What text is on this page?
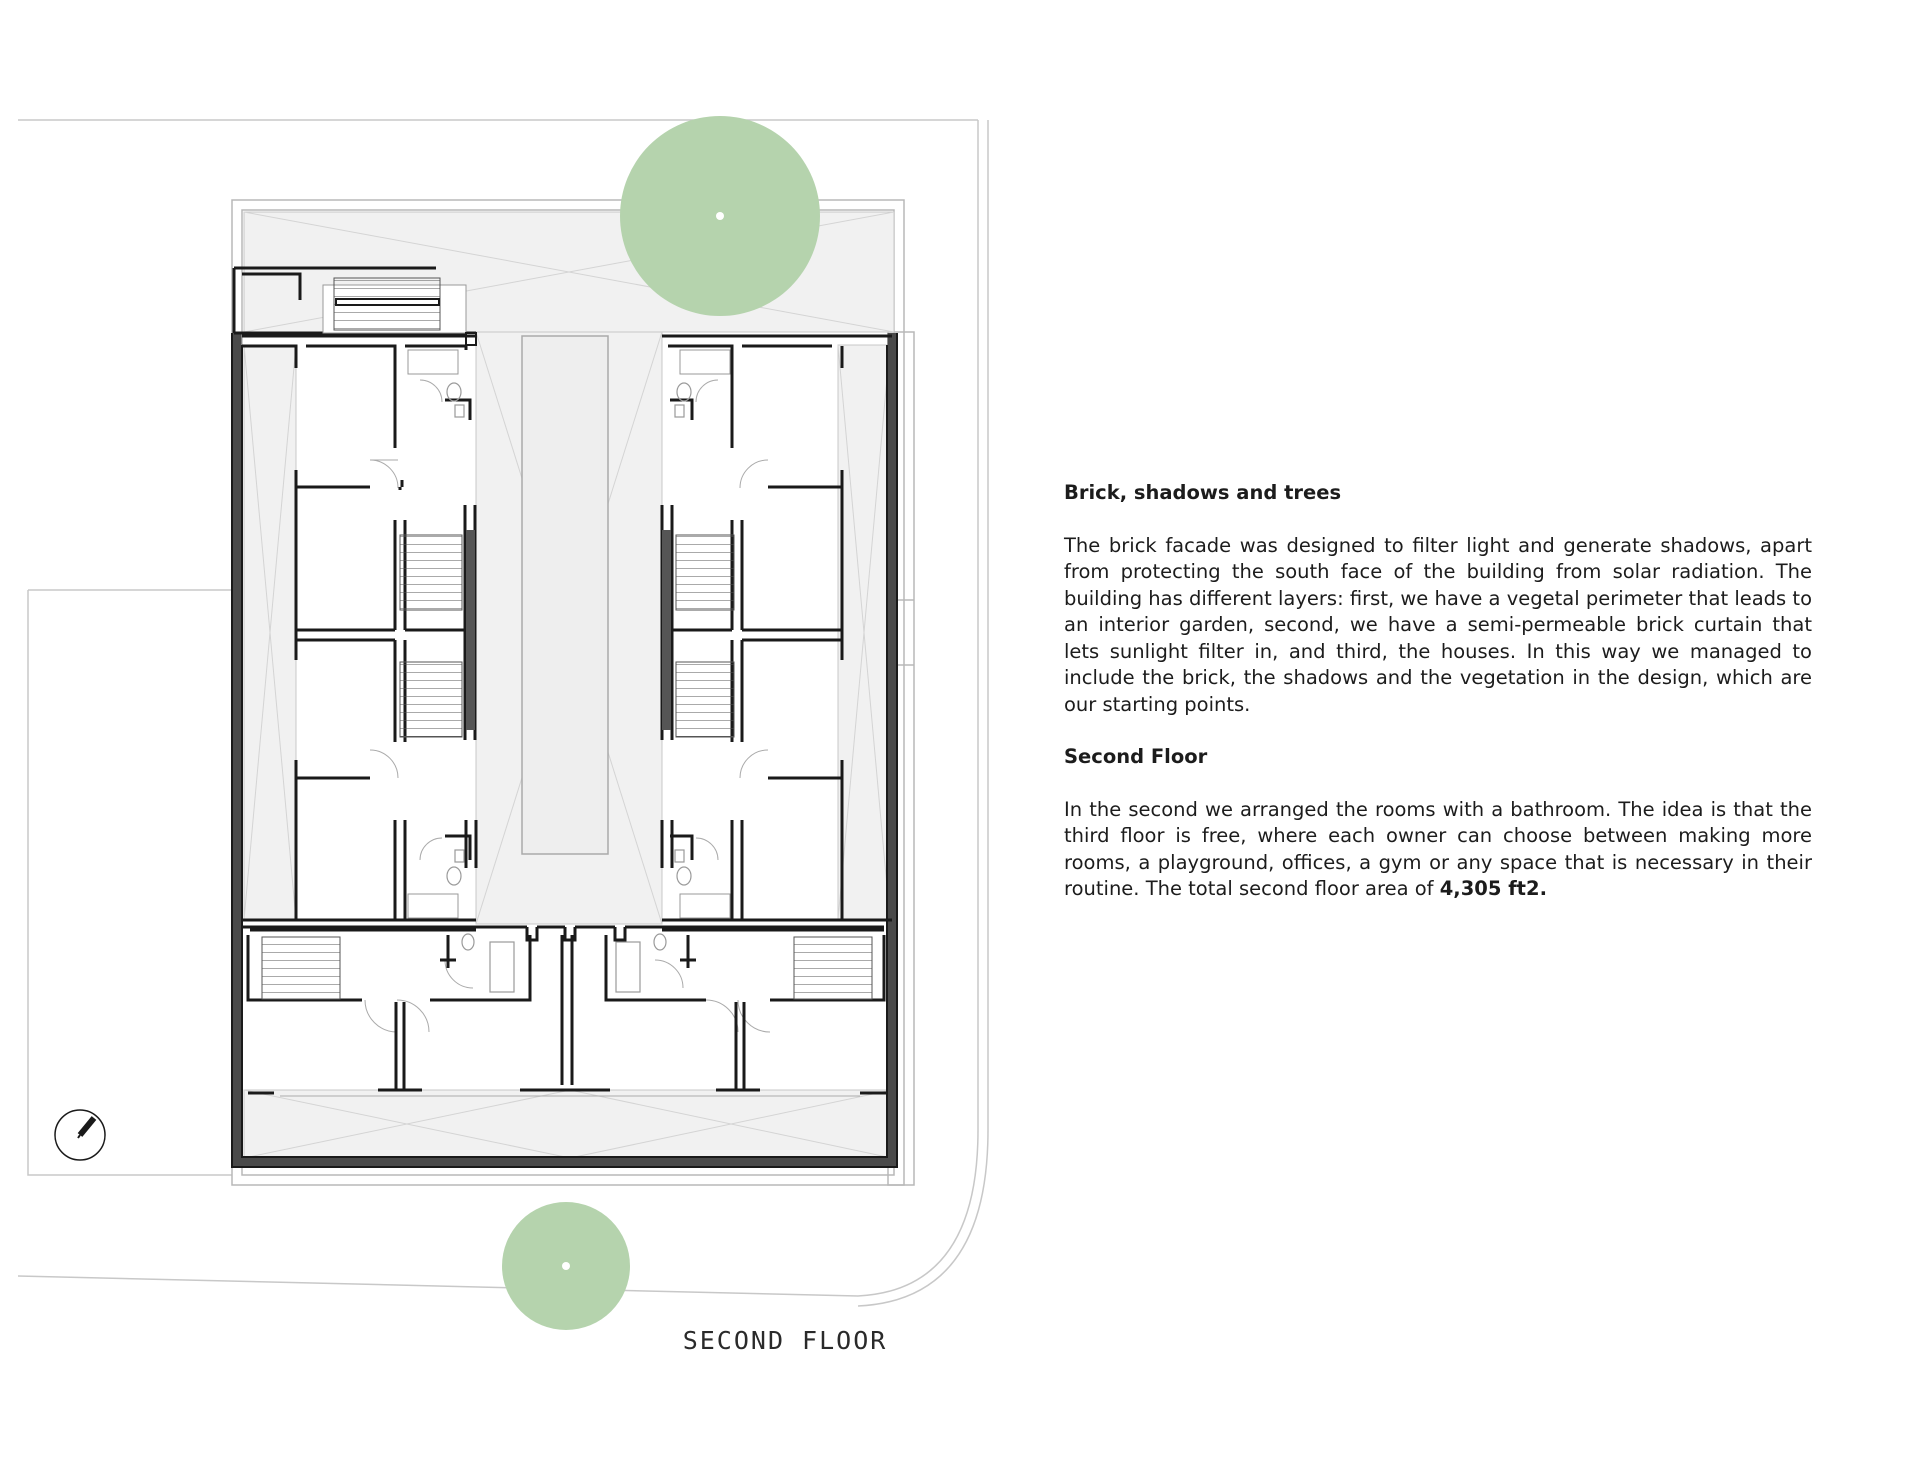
SECOND FLOOR
Brick, shadows and trees

The brick facade was designed to filter light and generate shadows, apart from protecting the south face of the building from solar radiation. The building has different layers: first, we have a vegetal perimeter that leads to an interior garden, second, we have a semi-permeable brick curtain that lets sunlight filter in, and third, the houses. In this way we managed to include the brick, the shadows and the vegetation in the design, which are our starting points.

Second Floor

In the second we arranged the rooms with a bathroom. The idea is that the third floor is free, where each owner can choose between making more rooms, a playground, offices, a gym or any space that is necessary in their routine. The total second floor area of 4,305 ft2.
